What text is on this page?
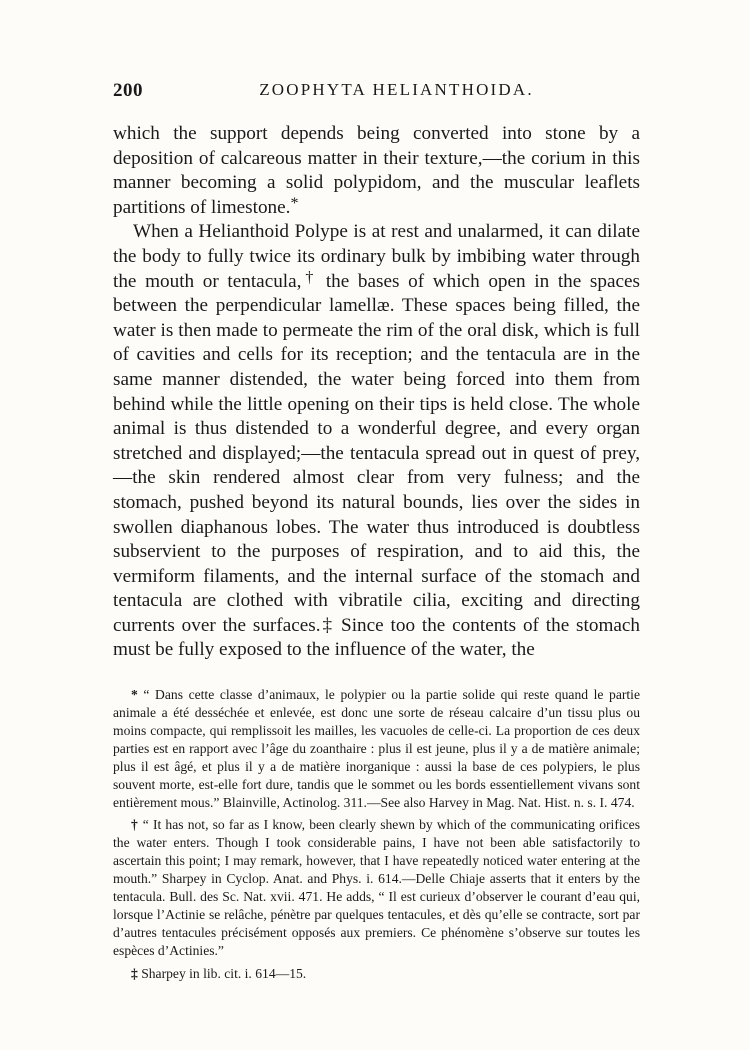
200	ZOOPHYTA HELIANTHOIDA.

which the support depends being converted into stone by a deposition of calcareous matter in their texture,—the corium in this manner becoming a solid polypidom, and the muscular leaflets partitions of limestone.*

When a Helianthoid Polype is at rest and unalarmed, it can dilate the body to fully twice its ordinary bulk by imbibing water through the mouth or tentacula,† the bases of which open in the spaces between the perpendicular lamellæ. These spaces being filled, the water is then made to permeate the rim of the oral disk, which is full of cavities and cells for its reception; and the tentacula are in the same manner distended, the water being forced into them from behind while the little opening on their tips is held close. The whole animal is thus distended to a wonderful degree, and every organ stretched and displayed;—the tentacula spread out in quest of prey,—the skin rendered almost clear from very fulness; and the stomach, pushed beyond its natural bounds, lies over the sides in swollen diaphanous lobes. The water thus introduced is doubtless subservient to the purposes of respiration, and to aid this, the vermiform filaments, and the internal surface of the stomach and tentacula are clothed with vibratile cilia, exciting and directing currents over the surfaces.‡ Since too the contents of the stomach must be fully exposed to the influence of the water, the

* “ Dans cette classe d’animaux, le polypier ou la partie solide qui reste quand le partie animale a été desséchée et enlevée, est donc une sorte de réseau calcaire d’un tissu plus ou moins compacte, qui remplissoit les mailles, les vacuoles de celle-ci. La proportion de ces deux parties est en rapport avec l’âge du zoanthaire : plus il est jeune, plus il y a de matière animale; plus il est âgé, et plus il y a de matière inorganique : aussi la base de ces polypiers, le plus souvent morte, est-elle fort dure, tandis que le sommet ou les bords essentiellement vivans sont entièrement mous.” Blainville, Actinolog. 311.—See also Harvey in Mag. Nat. Hist. n. s. I. 474.

† “ It has not, so far as I know, been clearly shewn by which of the communicating orifices the water enters. Though I took considerable pains, I have not been able satisfactorily to ascertain this point; I may remark, however, that I have repeatedly noticed water entering at the mouth.” Sharpey in Cyclop. Anat. and Phys. i. 614.—Delle Chiaje asserts that it enters by the tentacula. Bull. des Sc. Nat. xvii. 471. He adds, “ Il est curieux d’observer le courant d’eau qui, lorsque l’Actinie se relâche, pénètre par quelques tentacules, et dès qu’elle se contracte, sort par d’autres tentacules précisément opposés aux premiers. Ce phénomène s’observe sur toutes les espèces d’Actinies.”

‡ Sharpey in lib. cit. i. 614—15.
